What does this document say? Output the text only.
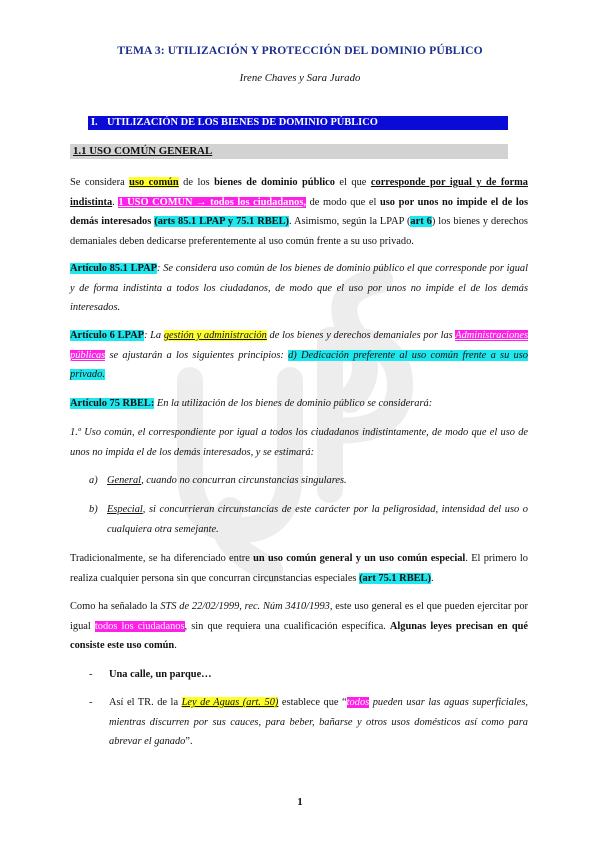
TEMA 3: UTILIZACIÓN Y PROTECCIÓN DEL DOMINIO PÚBLICO
Irene Chaves y Sara Jurado
I. UTILIZACIÓN DE LOS BIENES DE DOMINIO PÚBLICO
1.1 USO COMÚN GENERAL
Se considera uso común de los bienes de dominio público el que corresponde por igual y de forma indistinta. 1 USO COMÚN → todos los ciudadanos, de modo que el uso por unos no impide el de los demás interesados (arts 85.1 LPAP y 75.1 RBEL). Asimismo, según la LPAP (art 6) los bienes y derechos demaniales deben dedicarse preferentemente al uso común frente a su uso privado.
Artículo 85.1 LPAP: Se considera uso común de los bienes de dominio público el que corresponde por igual y de forma indistinta a todos los ciudadanos, de modo que el uso por unos no impide el de los demás interesados.
Artículo 6 LPAP: La gestión y administración de los bienes y derechos demaniales por las Administraciones públicas se ajustarán a los siguientes principios: d) Dedicación preferente al uso común frente a su uso privado.
Artículo 75 RBEL: En la utilización de los bienes de dominio público se considerará:
1.º Uso común, el correspondiente por igual a todos los ciudadanos indistintamente, de modo que el uso de unos no impida el de los demás interesados, y se estimará:
a) General, cuando no concurran circunstancias singulares.
b) Especial, si concurrieran circunstancias de este carácter por la peligrosidad, intensidad del uso o cualquiera otra semejante.
Tradicionalmente, se ha diferenciado entre un uso común general y un uso común especial. El primero lo realiza cualquier persona sin que concurran circunstancias especiales (art 75.1 RBEL).
Como ha señalado la STS de 22/02/1999, rec. Núm 3410/1993, este uso general es el que pueden ejercitar por igual todos los ciudadanos, sin que requiera una cualificación específica. Algunas leyes precisan en qué consiste este uso común.
- Una calle, un parque…
- Así el TR. de la Ley de Aguas (art. 50) establece que “todos pueden usar las aguas superficiales, mientras discurren por sus cauces, para beber, bañarse y otros usos domésticos así como para abrevar el ganado”.
1
